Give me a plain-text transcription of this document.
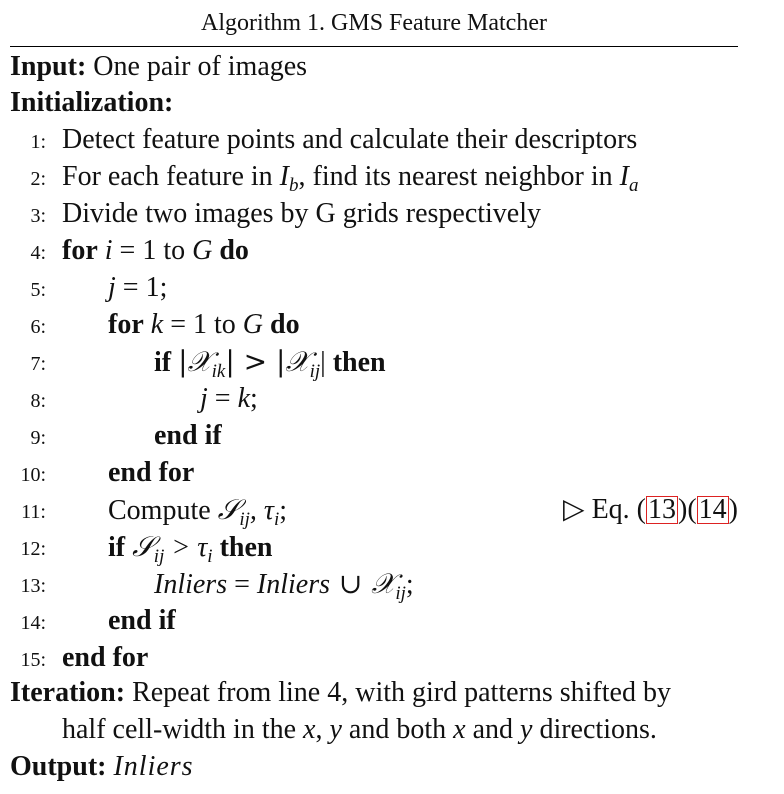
Algorithm 1. GMS Feature Matcher
Input: One pair of images
Initialization:
1: Detect feature points and calculate their descriptors
2: For each feature in $I_b$, find its nearest neighbor in $I_a$
3: Divide two images by G grids respectively
4: for i = 1 to G do
5: j = 1;
6: for k = 1 to G do
7:	if |𝒳$_{ik}$| > |𝒳$_{ij}$| then
8:	j = k;
9:	end if
10: end for
11: Compute 𝒮$_{ij}$, $\tau_i$;	▷ Eq. (13)(14)
12: if 𝒮$_{ij}$ > $\tau_i$ then
13:	Inliers = Inliers ∪ 𝒳$_{ij}$;
14: end if
15: end for
Iteration: Repeat from line 4, with gird patterns shifted by
half cell-width in the x, y and both x and y directions.
Output: Inliers
